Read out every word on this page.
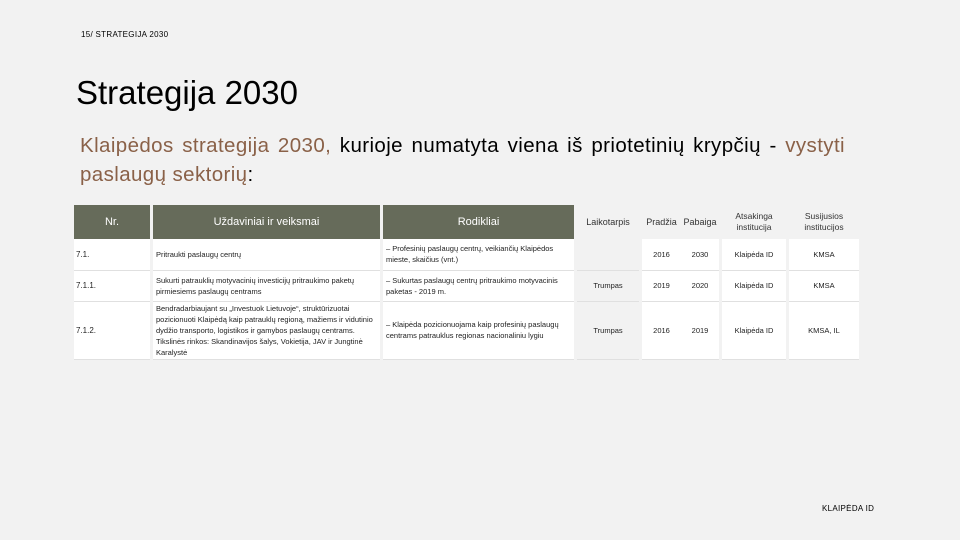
15/ STRATEGIJA 2030
Strategija 2030

Klaipėdos strategija 2030, kurioje numatyta viena iš priotetinių krypčių - vystyti paslaugų sektorių:

Nr.		Uždaviniai ir veiksmai		Rodikliai		Laikotarpis		Pradžia	Pabaiga		Atsakinga institucija		Susijusios institucijos
7.1.		Pritraukti paslaugų centrų		– Profesinių paslaugų centrų, veikiančių Klaipėdos mieste, skaičius (vnt.)				2016	2030		Klaipėda ID		KMSA
7.1.1.		Sukurti patrauklių motyvacinių investicijų pritraukimo paketų pirmiesiems paslaugų centrams		– Sukurtas paslaugų centrų pritraukimo motyvacinis paketas - 2019 m.		Trumpas		2019	2020		Klaipėda ID		KMSA
7.1.2.		Bendradarbiaujant su „Investuok Lietuvoje“, struktūrizuotai pozicionuoti Klaipėdą kaip patrauklų regioną, mažiems ir vidutinio dydžio transporto, logistikos ir gamybos paslaugų centrams. Tikslinės rinkos: Skandinavijos šalys, Vokietija, JAV ir Jungtinė Karalystė		– Klaipėda pozicionuojama kaip profesinių paslaugų centrams patrauklus regionas nacionaliniu lygiu		Trumpas		2016	2019		Klaipėda ID		KMSA, IL
KLAIPĖDA ID
